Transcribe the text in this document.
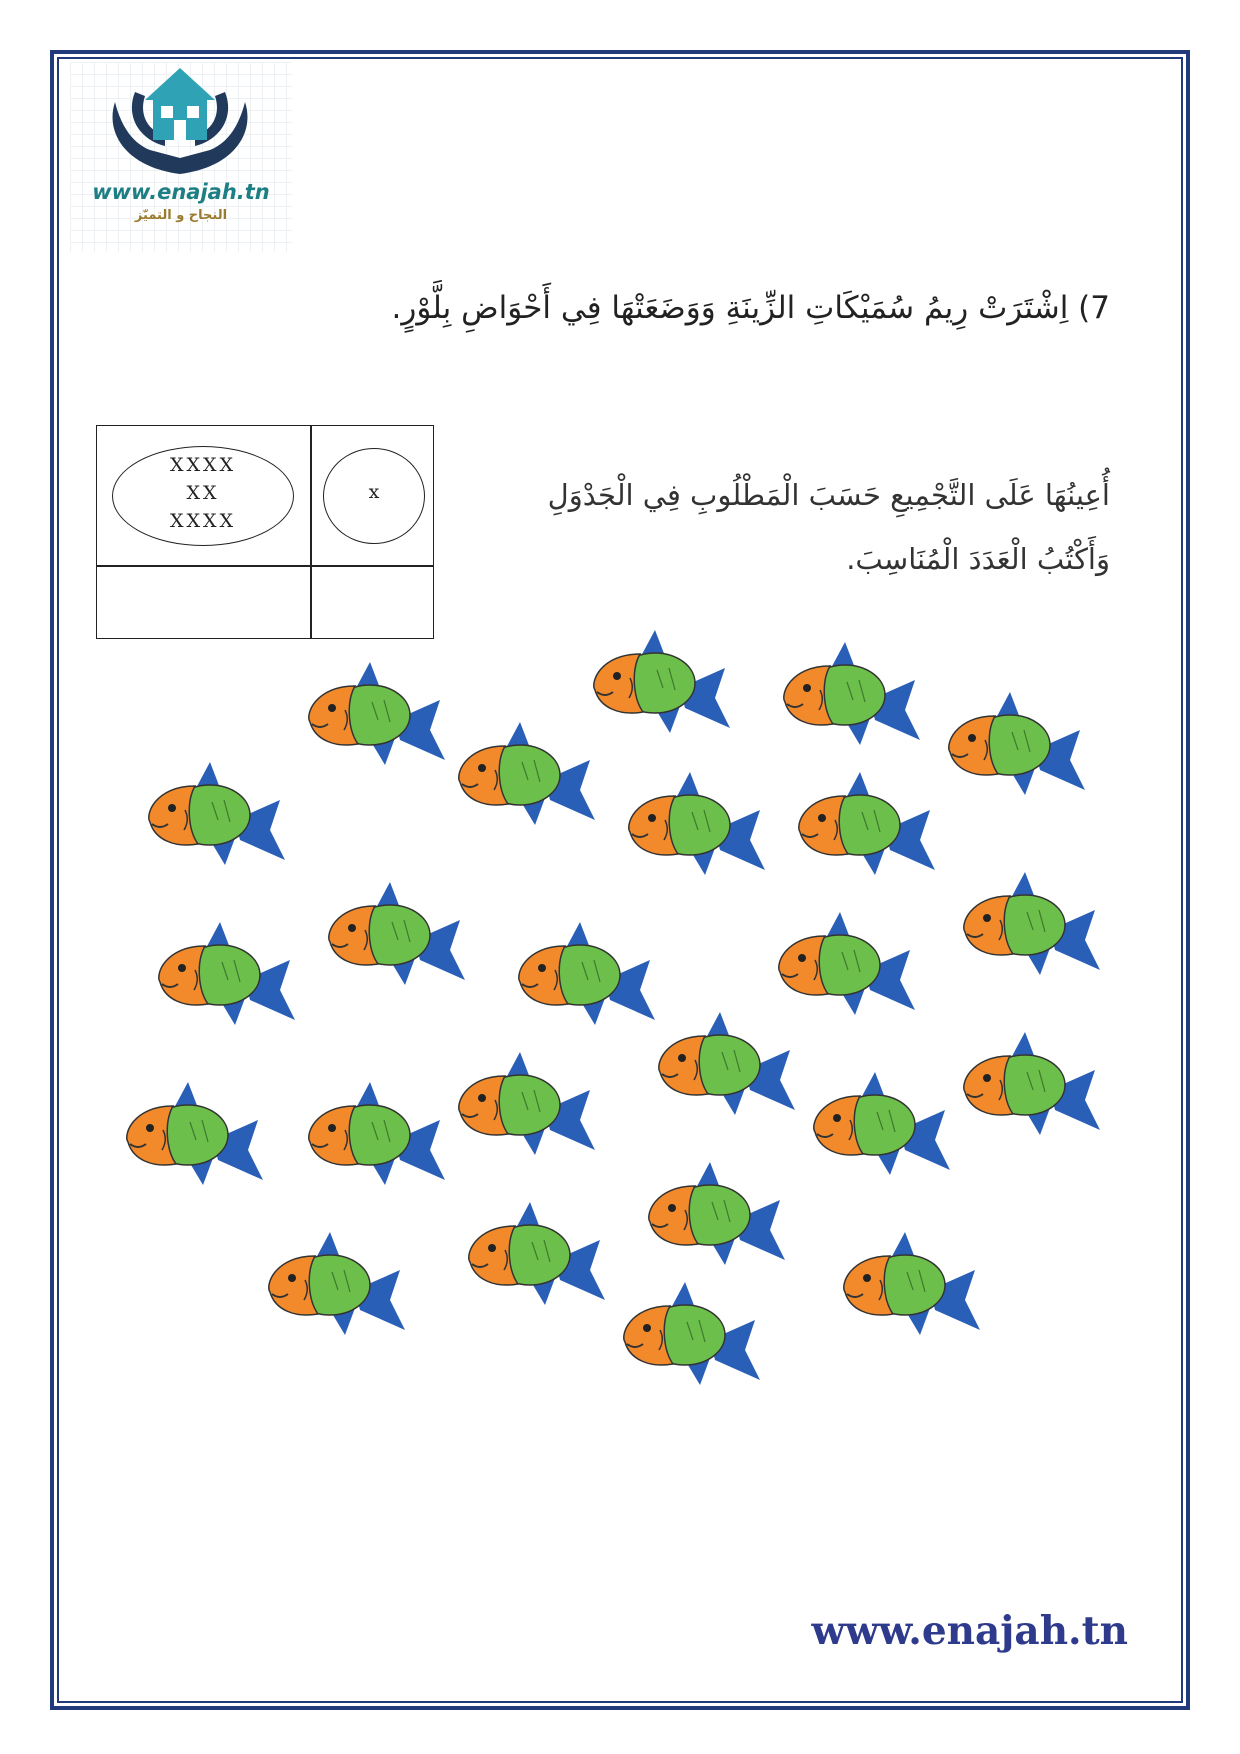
www.enajah.tn
النجاح و التميّز
7) اِشْتَرَتْ رِيمُ سُمَيْكَاتِ الزِّينَةِ وَوَضَعَتْهَا فِي أَحْوَاضِ بِلَّوْرٍ.
أُعِينُهَا عَلَى التَّجْمِيعِ حَسَبَ الْمَطْلُوبِ فِي الْجَدْوَلِ
وَأَكْتُبُ الْعَدَدَ الْمُنَاسِبَ.
XXXX
XX
XXXX
x
www.enajah.tn
